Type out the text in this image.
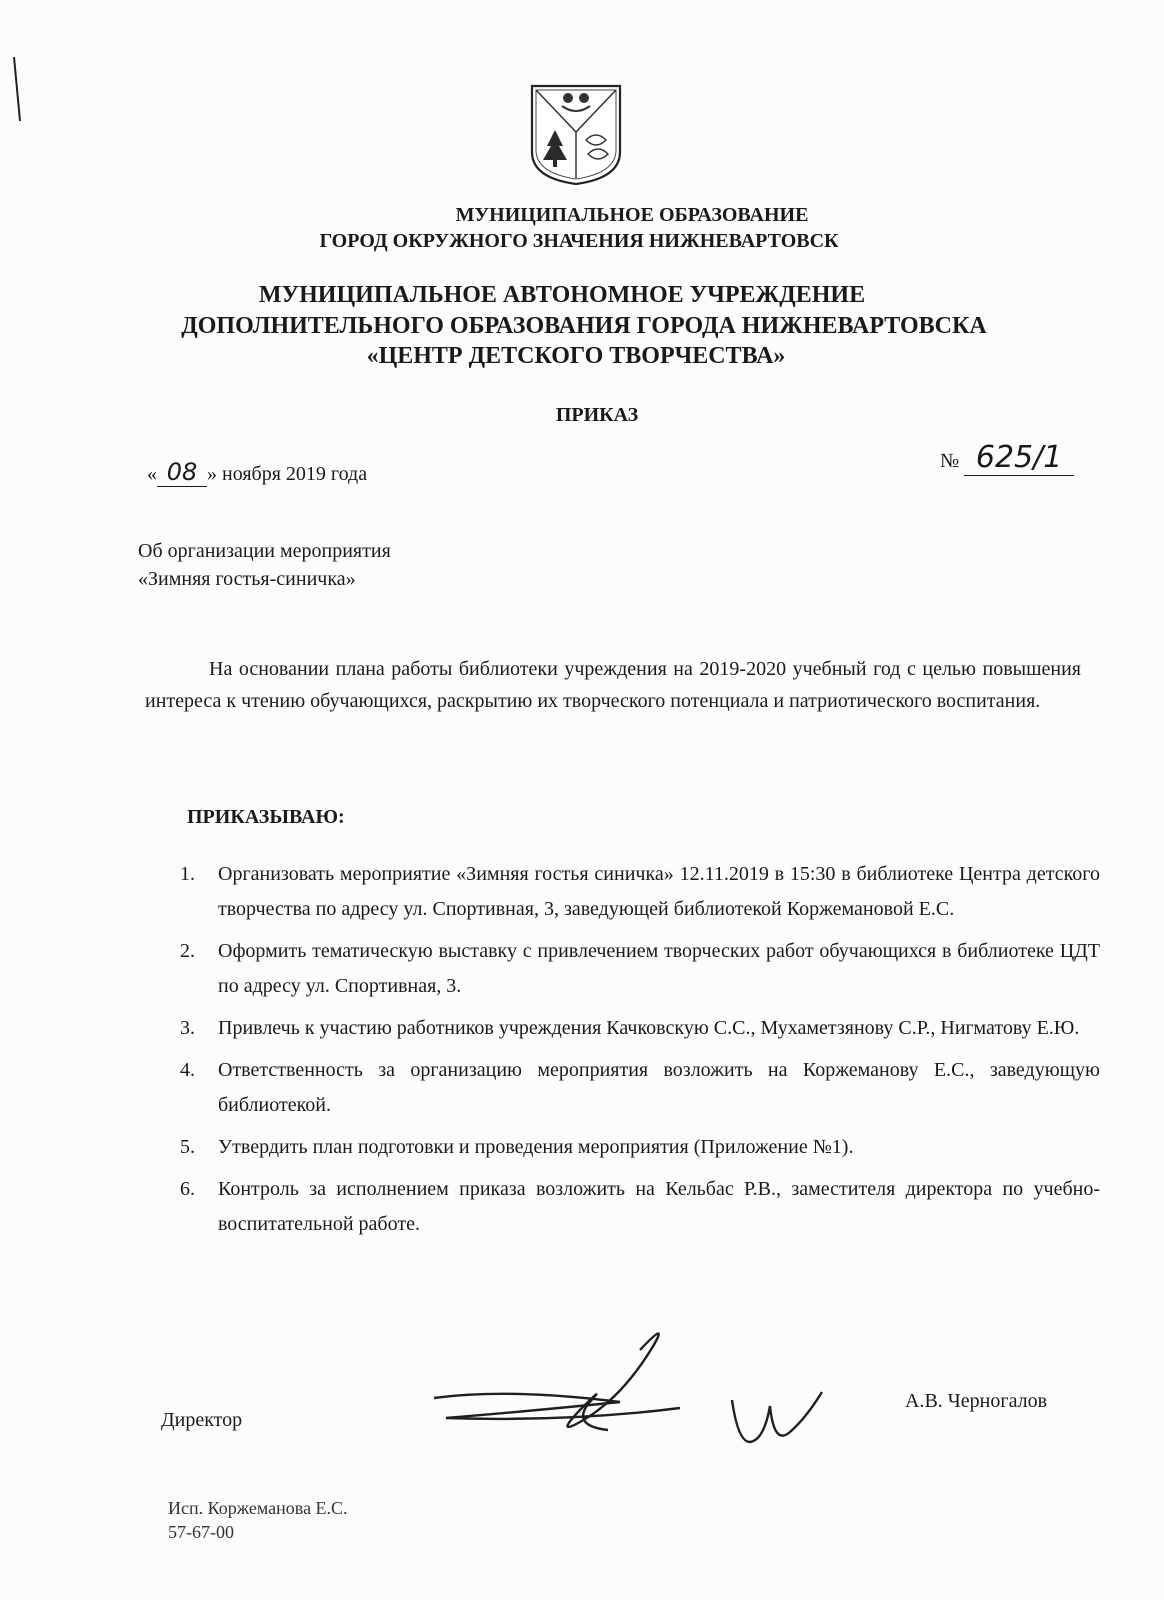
МУНИЦИПАЛЬНОЕ ОБРАЗОВАНИЕ
ГОРОД ОКРУЖНОГО ЗНАЧЕНИЯ НИЖНЕВАРТОВСК
МУНИЦИПАЛЬНОЕ АВТОНОМНОЕ УЧРЕЖДЕНИЕ
ДОПОЛНИТЕЛЬНОГО ОБРАЗОВАНИЯ ГОРОДА НИЖНЕВАРТОВСКА
«ЦЕНТР ДЕТСКОГО ТВОРЧЕСТВА»
ПРИКАЗ
« 08 » ноября 2019 года
№ 625/1
Об организации мероприятия
«Зимняя гостья-синичка»
На основании плана работы библиотеки учреждения на 2019-2020 учебный год с целью повышения интереса к чтению обучающихся, раскрытию их творческого потенциала и патриотического воспитания.
ПРИКАЗЫВАЮ:
1.	Организовать мероприятие «Зимняя гостья синичка» 12.11.2019 в 15:30 в библиотеке Центра детского творчества по адресу ул. Спортивная, 3, заведующей библиотекой Коржемановой Е.С.
2.	Оформить тематическую выставку с привлечением творческих работ обучающихся в библиотеке ЦДТ по адресу ул. Спортивная, 3.
3.	Привлечь к участию работников учреждения Качковскую С.С., Мухаметзянову С.Р., Нигматову Е.Ю.
4.	Ответственность за организацию мероприятия возложить на Коржеманову Е.С., заведующую библиотекой.
5.	Утвердить план подготовки и проведения мероприятия (Приложение №1).
6.	Контроль за исполнением приказа возложить на Кельбас Р.В., заместителя директора по учебно-воспитательной работе.
Директор
А.В. Черногалов
Исп. Коржеманова Е.С.
57-67-00
